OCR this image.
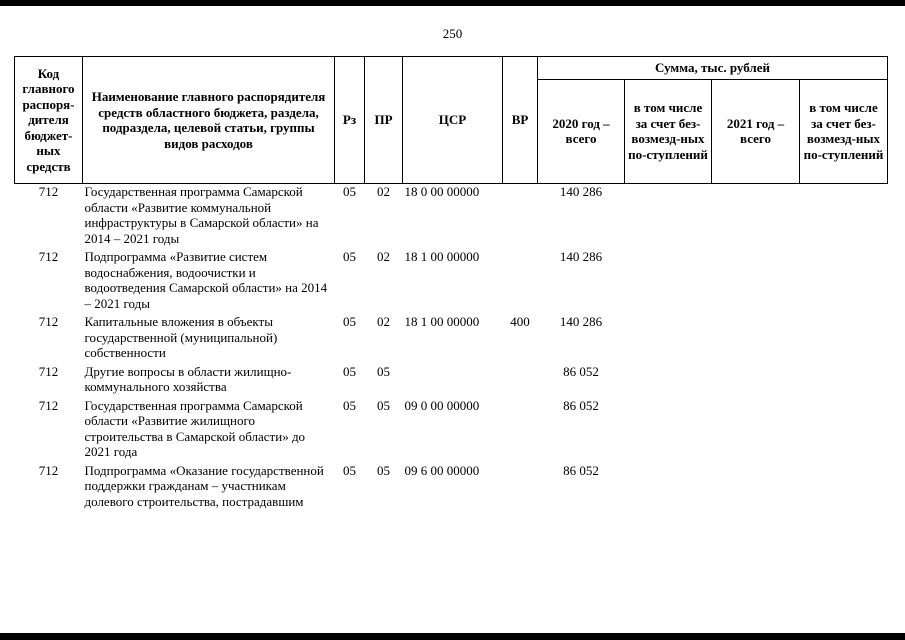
250
Код главного распоря-дителя бюджет-ных средств	Наименование главного распорядителя средств областного бюджета, раздела, подраздела, целевой статьи, группы видов расходов	Рз	ПР	ЦСР	ВР	Сумма, тыс. рублей			
						2020 год – всего	в том числе за счет без-возмезд-ных по-ступлений	2021 год – всего	в том числе за счет без-возмезд-ных по-ступлений
712	Государственная программа Самарской области «Развитие коммунальной инфраструктуры в Самарской области» на 2014 – 2021 годы	05	02	18 0 00 00000		140 286			
712	Подпрограмма «Развитие систем водоснабжения, водоочистки и водоотведения Самарской области» на 2014 – 2021 годы	05	02	18 1 00 00000		140 286			
712	Капитальные вложения в объекты государственной (муниципальной) собственности	05	02	18 1 00 00000	400	140 286			
712	Другие вопросы в области жилищно-коммунального хозяйства	05	05			86 052			
712	Государственная программа Самарской области «Развитие жилищного строительства в Самарской области» до 2021 года	05	05	09 0 00 00000		86 052			
712	Подпрограмма «Оказание государственной поддержки гражданам – участникам долевого строительства, пострадавшим	05	05	09 6 00 00000		86 052			
